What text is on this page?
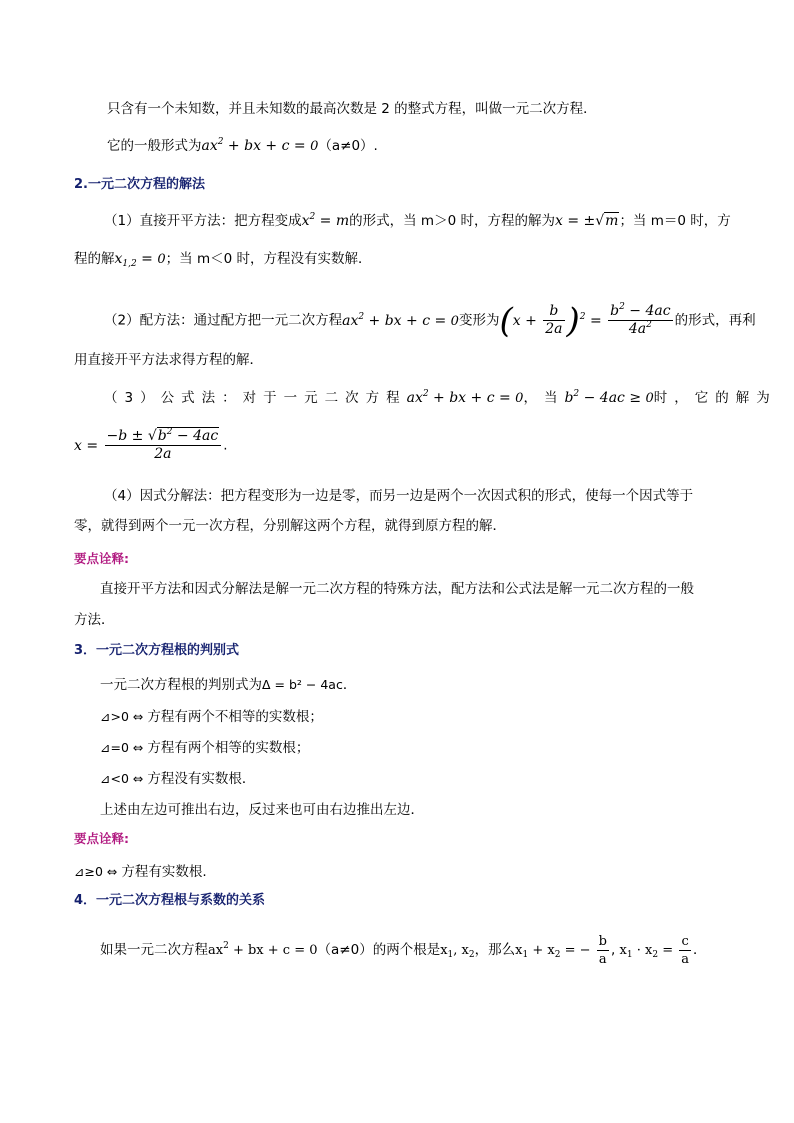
只含有一个未知数，并且未知数的最高次数是 2 的整式方程，叫做一元二次方程．
它的一般形式为$ax^2$ + bx + c = 0（a≠0）.
2.一元二次方程的解法
（1）直接开平方法：把方程变成$x^2 = m$的形式，当 m＞0 时，方程的解为x = ±√m；当 m＝0 时，方
程的解$x_{1,2} = 0$；当 m＜0 时，方程没有实数解．
（2）配方法：通过配方把一元二次方程$ax^2$ + bx + c = 0变形为$(x + \frac{b}{2a} )^2 = \frac{b^2 - 4ac}{4a^2}$ 的形式，再利
用直接开平方法求得方程的解．
（3）公式法：对于一元二次方程$ax^2$ + bx + c = 0，当$b^2 - 4ac \ge 0$时，它的解为
$x = \frac{-b \pm √b^2 - 4ac}{2a}$ .
（4）因式分解法：把方程变形为一边是零，而另一边是两个一次因式积的形式，使每一个因式等于
零，就得到两个一元一次方程，分别解这两个方程，就得到原方程的解．
要点诠释:
直接开平方法和因式分解法是解一元二次方程的特殊方法，配方法和公式法是解一元二次方程的一般
方法．
3．一元二次方程根的判别式
一元二次方程根的判别式为Δ = b² − 4ac．
⊿>0 ⇔ 方程有两个不相等的实数根；
⊿=0 ⇔ 方程有两个相等的实数根；
⊿<0 ⇔ 方程没有实数根．
上述由左边可推出右边，反过来也可由右边推出左边．
要点诠释:
⊿≥0 ⇔ 方程有实数根.
4．一元二次方程根与系数的关系
如果一元二次方程$ax^2$ + bx + c = 0（a≠0）的两个根是$x_1$, $x_2$，那么$x_1 + x_2$ = − $\frac{b}{a}$ , $x_1 \cdot x_2 = \frac{c}{a}$ ．
